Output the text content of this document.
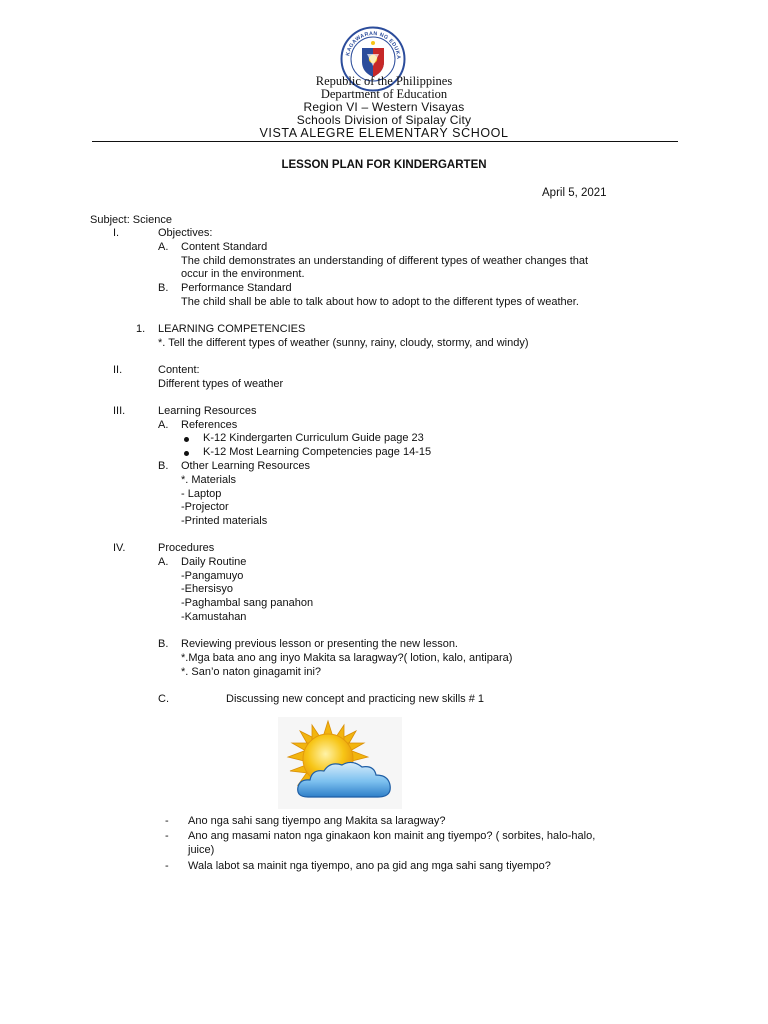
KAGAWARAN NG EDUKA
Republic of the Philippines
Department of Education
Region VI – Western Visayas
Schools Division of Sipalay City
VISTA ALEGRE ELEMENTARY SCHOOL
LESSON PLAN FOR KINDERGARTEN
April 5, 2021
Subject: Science
I.	Objectives:
A. Content Standard
The child demonstrates an understanding of different types of weather changes that
occur in the environment.
B. Performance Standard
The child shall be able to talk about how to adopt to the different types of weather.
1. LEARNING COMPETENCIES
*. Tell the different types of weather (sunny, rainy, cloudy, stormy, and windy)
II.	Content:
Different types of weather
III.	Learning Resources
A. References
K-12 Kindergarten Curriculum Guide page 23
K-12 Most Learning Competencies page 14-15
B. Other Learning Resources
*. Materials
- Laptop
-Projector
-Printed materials
IV.	Procedures
A. Daily Routine
-Pangamuyo
-Ehersisyo
-Paghambal sang panahon
-Kamustahan
B. Reviewing previous lesson or presenting the new lesson.
*.Mga bata ano ang inyo Makita sa laragway?( lotion, kalo, antipara)
*. San’o naton ginagamit ini?
C.	Discussing new concept and practicing new skills # 1
- Ano nga sahi sang tiyempo ang Makita sa laragway?
- Ano ang masami naton nga ginakaon kon mainit ang tiyempo? ( sorbites, halo-halo,
juice)
- Wala labot sa mainit nga tiyempo, ano pa gid ang mga sahi sang tiyempo?
